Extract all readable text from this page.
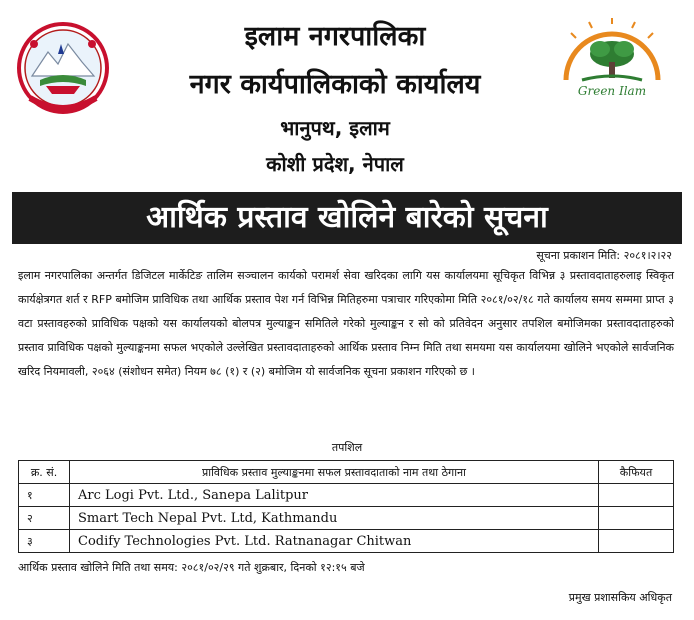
इलाम नगरपालिका
नगर कार्यपालिकाको कार्यालय
भानुपथ, इलाम
कोशी प्रदेश, नेपाल
Green Ilam
आर्थिक प्रस्ताव खोलिने बारेको सूचना
सूचना प्रकाशन मिति: २०८१।२।२२
इलाम नगरपालिका अन्तर्गत डिजिटल मार्केटिङ तालिम सञ्चालन कार्यको परामर्श सेवा खरिदका लागि यस कार्यालयमा सूचिकृत विभिन्न ३ प्रस्तावदाताहरुलाइ स्विकृत कार्यक्षेत्रगत शर्त र RFP बमोजिम प्राविधिक तथा आर्थिक प्रस्ताव पेश गर्न विभिन्न मितिहरुमा पत्राचार गरिएकोमा मिति २०८१/०२/१८ गते कार्यालय समय सम्ममा प्राप्त ३ वटा प्रस्तावहरुको प्राविधिक पक्षको यस कार्यालयको बोलपत्र मुल्याङ्कन समितिले गरेको मुल्याङ्कन र सो को प्रतिवेदन अनुसार तपशिल बमोजिमका प्रस्तावदाताहरुको प्रस्ताव प्राविधिक पक्षको मुल्याङ्कनमा सफल भएकोले उल्लेखित प्रस्तावदाताहरुको आर्थिक प्रस्ताव निम्न मिति तथा समयमा यस कार्यालयमा खोलिने भएकोले सार्वजनिक खरिद नियमावली, २०६४ (संशोधन समेत) नियम ७८ (१) र (२) बमोजिम यो सार्वजनिक सूचना प्रकाशन गरिएको छ ।
तपशिल
क्र. सं.	प्राविधिक प्रस्ताव मुल्याङ्कनमा सफल प्रस्तावदाताको नाम तथा ठेगाना	कैफियत
१	Arc Logi Pvt. Ltd., Sanepa Lalitpur	
२	Smart Tech Nepal Pvt. Ltd, Kathmandu	
३	Codify Technologies Pvt. Ltd. Ratnanagar Chitwan	
आर्थिक प्रस्ताव खोलिने मिति तथा समय: २०८१/०२/२९ गते शुक्रबार, दिनको १२:१५ बजे
प्रमुख प्रशासकिय अधिकृत
